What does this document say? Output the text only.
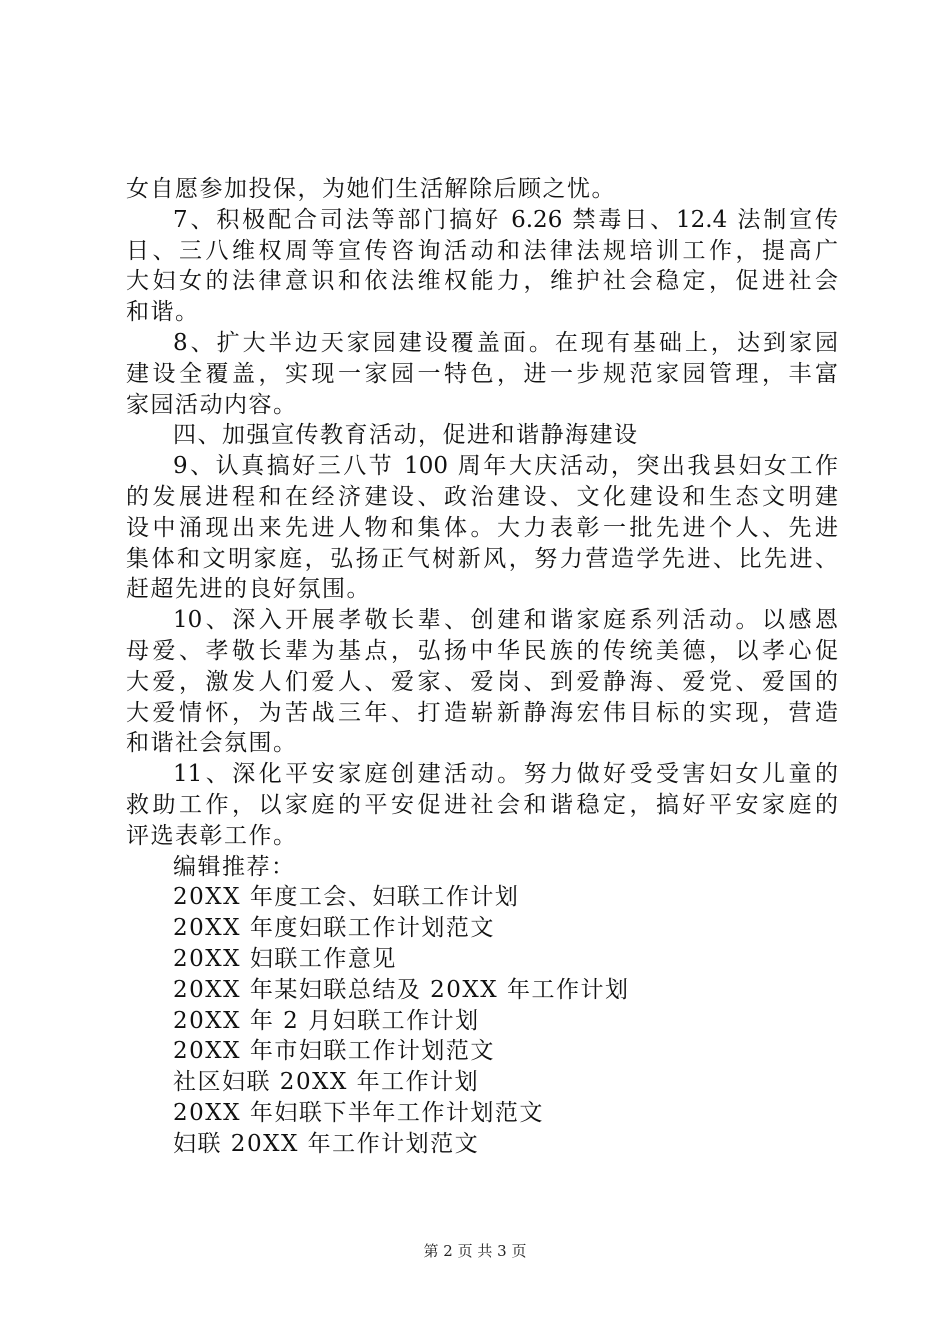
女自愿参加投保，为她们生活解除后顾之忧。
7、积极配合司法等部门搞好 6.26 禁毒日、12.4 法制宣传
日、三八维权周等宣传咨询活动和法律法规培训工作，提高广
大妇女的法律意识和依法维权能力，维护社会稳定，促进社会
和谐。
8、扩大半边天家园建设覆盖面。在现有基础上，达到家园
建设全覆盖，实现一家园一特色，进一步规范家园管理，丰富
家园活动内容。
四、加强宣传教育活动，促进和谐静海建设
9、认真搞好三八节 100 周年大庆活动，突出我县妇女工作
的发展进程和在经济建设、政治建设、文化建设和生态文明建
设中涌现出来先进人物和集体。大力表彰一批先进个人、先进
集体和文明家庭，弘扬正气树新风，努力营造学先进、比先进、
赶超先进的良好氛围。
10、深入开展孝敬长辈、创建和谐家庭系列活动。以感恩
母爱、孝敬长辈为基点，弘扬中华民族的传统美德，以孝心促
大爱，激发人们爱人、爱家、爱岗、到爱静海、爱党、爱国的
大爱情怀，为苦战三年、打造崭新静海宏伟目标的实现，营造
和谐社会氛围。
11、深化平安家庭创建活动。努力做好受受害妇女儿童的
救助工作，以家庭的平安促进社会和谐稳定，搞好平安家庭的
评选表彰工作。
编辑推荐：
20XX 年度工会、妇联工作计划
20XX 年度妇联工作计划范文
20XX 妇联工作意见
20XX 年某妇联总结及 20XX 年工作计划
20XX 年 2 月妇联工作计划
20XX 年市妇联工作计划范文
社区妇联 20XX 年工作计划
20XX 年妇联下半年工作计划范文
妇联 20XX 年工作计划范文
第 2 页 共 3 页
